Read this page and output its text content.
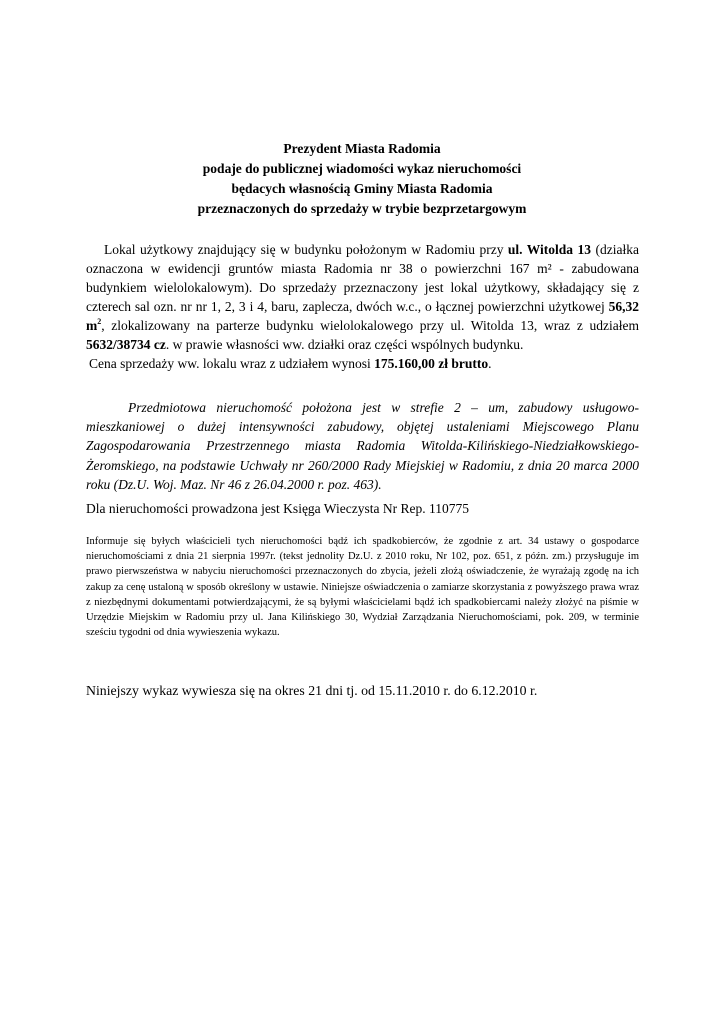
Prezydent Miasta Radomia
podaje do publicznej wiadomości wykaz nieruchomości
będacych własnością Gminy Miasta Radomia
przeznaczonych do sprzedaży w trybie bezprzetargowym

Lokal użytkowy znajdujący się w budynku położonym w Radomiu przy ul. Witolda 13 (działka oznaczona w ewidencji gruntów miasta Radomia nr 38 o powierzchni 167 m² - zabudowana budynkiem wielolokalowym). Do sprzedaży przeznaczony jest lokal użytkowy, składający się z czterech sal ozn. nr nr 1, 2, 3 i 4, baru, zaplecza, dwóch w.c., o łącznej powierzchni użytkowej 56,32 $m^2$, zlokalizowany na parterze budynku wielolokalowego przy ul. Witolda 13, wraz z udziałem 5632/38734 cz. w prawie własności ww. działki oraz części wspólnych budynku.

Cena sprzedaży ww. lokalu wraz z udziałem wynosi 175.160,00 zł brutto.

Przedmiotowa nieruchomość położona jest w strefie 2 – um, zabudowy usługowo-mieszkaniowej o dużej intensywności zabudowy, objętej ustaleniami Miejscowego Planu Zagospodarowania Przestrzennego miasta Radomia Witolda-Kilińskiego-Niedziałkowskiego-Żeromskiego, na podstawie Uchwały nr 260/2000 Rady Miejskiej w Radomiu, z dnia 20 marca 2000 roku (Dz.U. Woj. Maz. Nr 46 z 26.04.2000 r. poz. 463).
Dla nieruchomości prowadzona jest Księga Wieczysta Nr Rep. 110775
Informuje się byłych właścicieli tych nieruchomości bądź ich spadkobierców, że zgodnie z art. 34 ustawy o gospodarce nieruchomościami z dnia 21 sierpnia 1997r. (tekst jednolity Dz.U. z 2010 roku, Nr 102, poz. 651, z późn. zm.) przysługuje im prawo pierwszeństwa w nabyciu nieruchomości przeznaczonych do zbycia, jeżeli złożą oświadczenie, że wyrażają zgodę na ich zakup za cenę ustaloną w sposób określony w ustawie. Niniejsze oświadczenia o zamiarze skorzystania z powyższego prawa wraz z niezbędnymi dokumentami potwierdzającymi, że są byłymi właścicielami bądź ich spadkobiercami należy złożyć na piśmie w Urzędzie Miejskim w Radomiu przy ul. Jana Kilińskiego 30, Wydział Zarządzania Nieruchomościami, pok. 209, w terminie sześciu tygodni od dnia wywieszenia wykazu.
Niniejszy wykaz wywiesza się na okres 21 dni tj. od 15.11.2010 r. do 6.12.2010 r.
